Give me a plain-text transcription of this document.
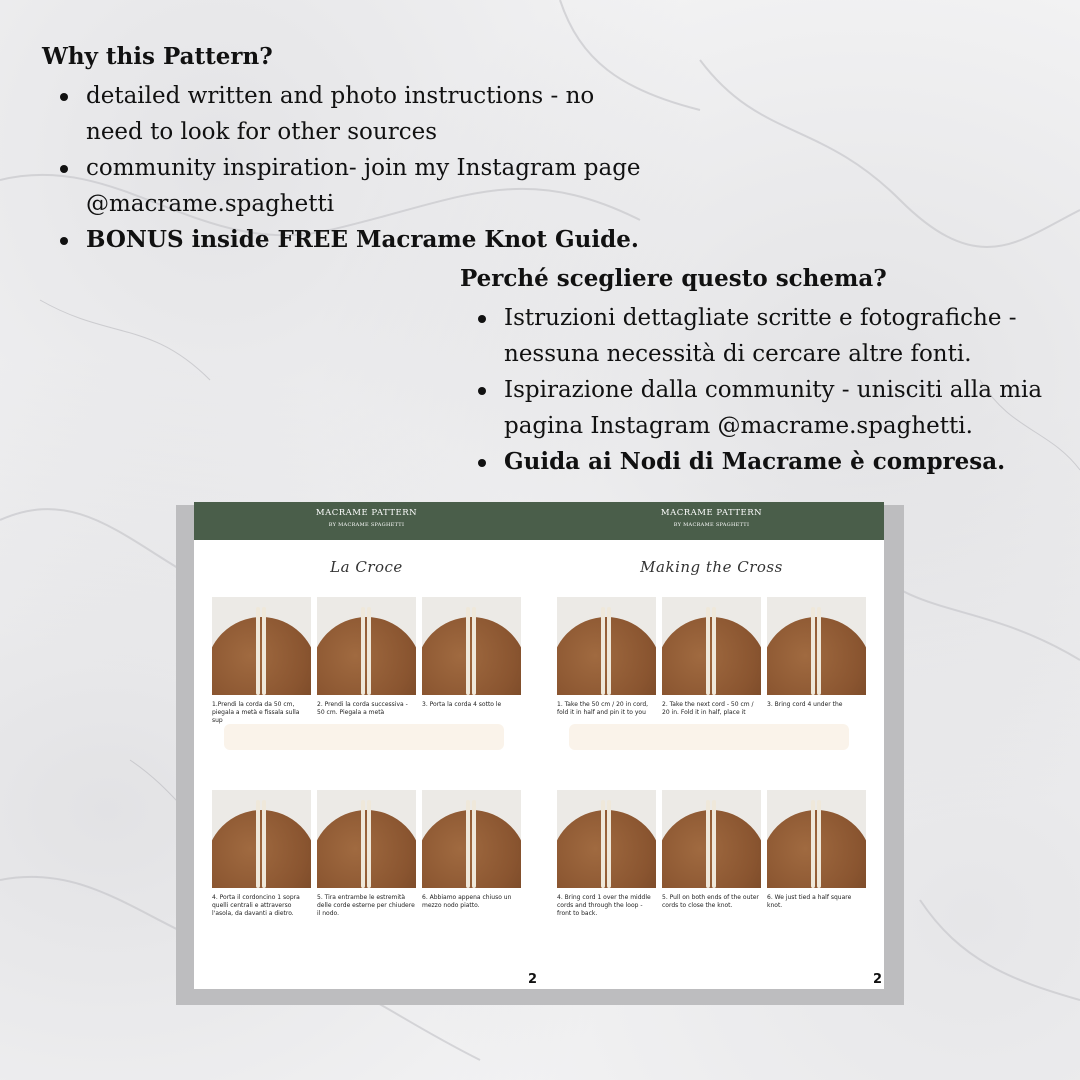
Why this Pattern?
detailed written and photo instructions - no need to look for other sources
community inspiration- join my Instagram page @macrame.spaghetti
BONUS inside FREE Macrame Knot Guide.
Perché scegliere questo schema?
Istruzioni dettagliate scritte e fotografiche - nessuna necessità di cercare altre fonti.
Ispirazione dalla community - unisciti alla mia pagina Instagram @macrame.spaghetti.
Guida ai Nodi di Macrame è compresa.
MACRAME PATTERN
BY MACRAME SPAGHETTI
La Croce
1.Prendi la corda da 50 cm, piegala a metà e fissala sulla sup
2. Prendi la corda successiva - 50 cm. Piegala a metà
3. Porta la corda 4 sotto le
4. Porta il cordoncino 1 sopra quelli centrali e attraverso l'asola, da davanti a dietro.
5. Tira entrambe le estremità delle corde esterne per chiudere il nodo.
6. Abbiamo appena chiuso un mezzo nodo piatto.
2
MACRAME PATTERN
BY MACRAME SPAGHETTI
Making the Cross
1. Take the 50 cm / 20 in cord, fold it in half and pin it to you
2. Take the next cord - 50 cm / 20 in. Fold it in half, place it
3. Bring cord 4 under the
4. Bring cord 1 over the middle cords and through the loop - front to back.
5. Pull on both ends of the outer cords to close the knot.
6. We just tied a half square knot.
2
